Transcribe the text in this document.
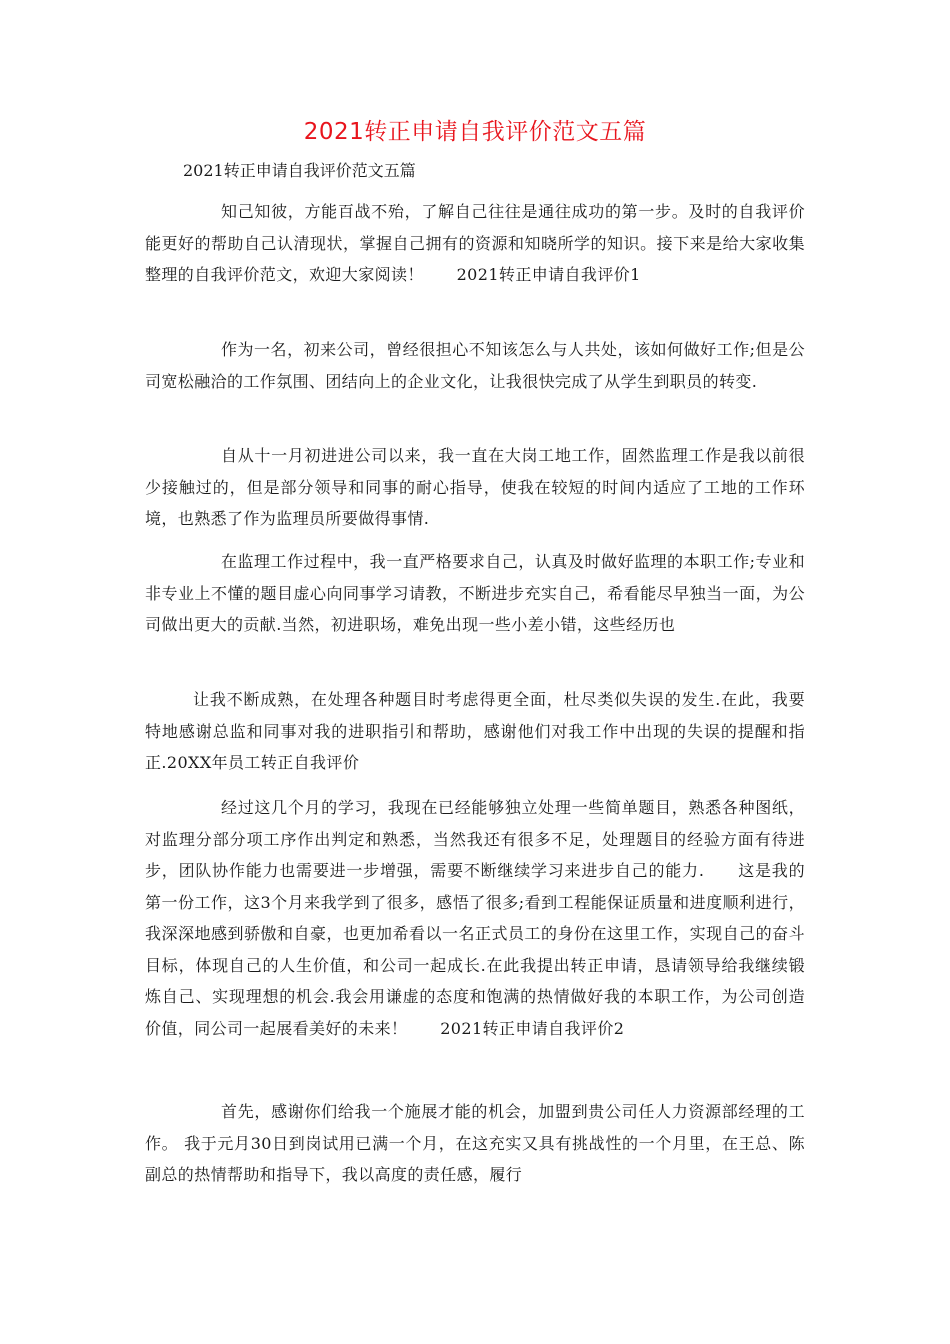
2021转正申请自我评价范文五篇
2021转正申请自我评价范文五篇
知己知彼，方能百战不殆，了解自己往往是通往成功的第一步。及时的自我评价能更好的帮助自己认清现状，掌握自己拥有的资源和知晓所学的知识。接下来是给大家收集整理的自我评价范文，欢迎大家阅读！　　2021转正申请自我评价1
作为一名，初来公司，曾经很担心不知该怎么与人共处，该如何做好工作;但是公司宽松融洽的工作氛围、团结向上的企业文化，让我很快完成了从学生到职员的转变.
自从十一月初进进公司以来，我一直在大岗工地工作，固然监理工作是我以前很少接触过的，但是部分领导和同事的耐心指导，使我在较短的时间内适应了工地的工作环境，也熟悉了作为监理员所要做得事情.
在监理工作过程中，我一直严格要求自己，认真及时做好监理的本职工作;专业和非专业上不懂的题目虚心向同事学习请教，不断进步充实自己，希看能尽早独当一面，为公司做出更大的贡献.当然，初进职场，难免出现一些小差小错，这些经历也
让我不断成熟，在处理各种题目时考虑得更全面，杜尽类似失误的发生.在此，我要特地感谢总监和同事对我的进职指引和帮助，感谢他们对我工作中出现的失误的提醒和指正.20XX年员工转正自我评价
经过这几个月的学习，我现在已经能够独立处理一些简单题目，熟悉各种图纸，对监理分部分项工序作出判定和熟悉，当然我还有很多不足，处理题目的经验方面有待进步，团队协作能力也需要进一步增强，需要不断继续学习来进步自己的能力.　　这是我的第一份工作，这3个月来我学到了很多，感悟了很多;看到工程能保证质量和进度顺利进行，我深深地感到骄傲和自豪，也更加希看以一名正式员工的身份在这里工作，实现自己的奋斗目标，体现自己的人生价值，和公司一起成长.在此我提出转正申请，恳请领导给我继续锻炼自己、实现理想的机会.我会用谦虚的态度和饱满的热情做好我的本职工作，为公司创造价值，同公司一起展看美好的未来！　　2021转正申请自我评价2
首先，感谢你们给我一个施展才能的机会，加盟到贵公司任人力资源部经理的工作。 我于元月30日到岗试用已满一个月，在这充实又具有挑战性的一个月里，在王总、陈副总的热情帮助和指导下，我以高度的责任感，履行
